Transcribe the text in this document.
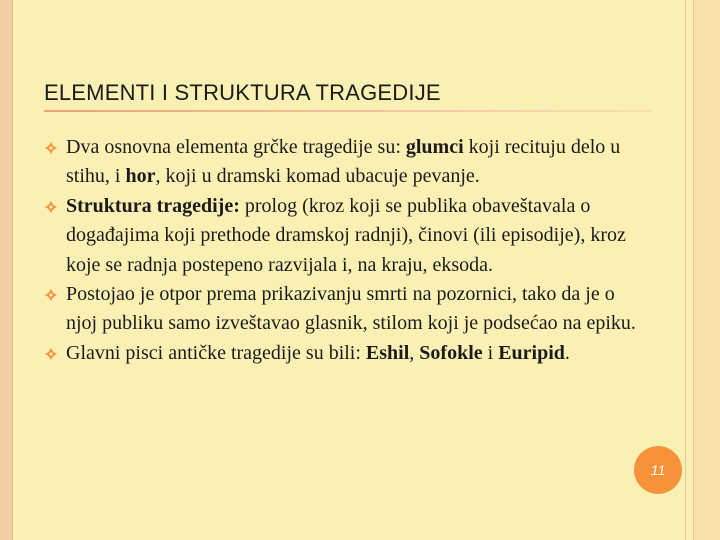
ELEMENTI I STRUKTURA TRAGEDIJE
Dva osnovna elementa grčke tragedije su: glumci koji recituju delo u stihu, i hor, koji u dramski komad ubacuje pevanje.
Struktura tragedije: prolog (kroz koji se publika obaveštavala o događajima koji prethode dramskoj radnji), činovi (ili episodije), kroz koje se radnja postepeno razvijala i, na kraju, eksoda.
Postojao je otpor prema prikazivanju smrti na pozornici, tako da je o njoj publiku samo izveštavao glasnik, stilom koji je podsećao na epiku.
Glavni pisci antičke tragedije su bili: Eshil, Sofokle i Euripid.
11
